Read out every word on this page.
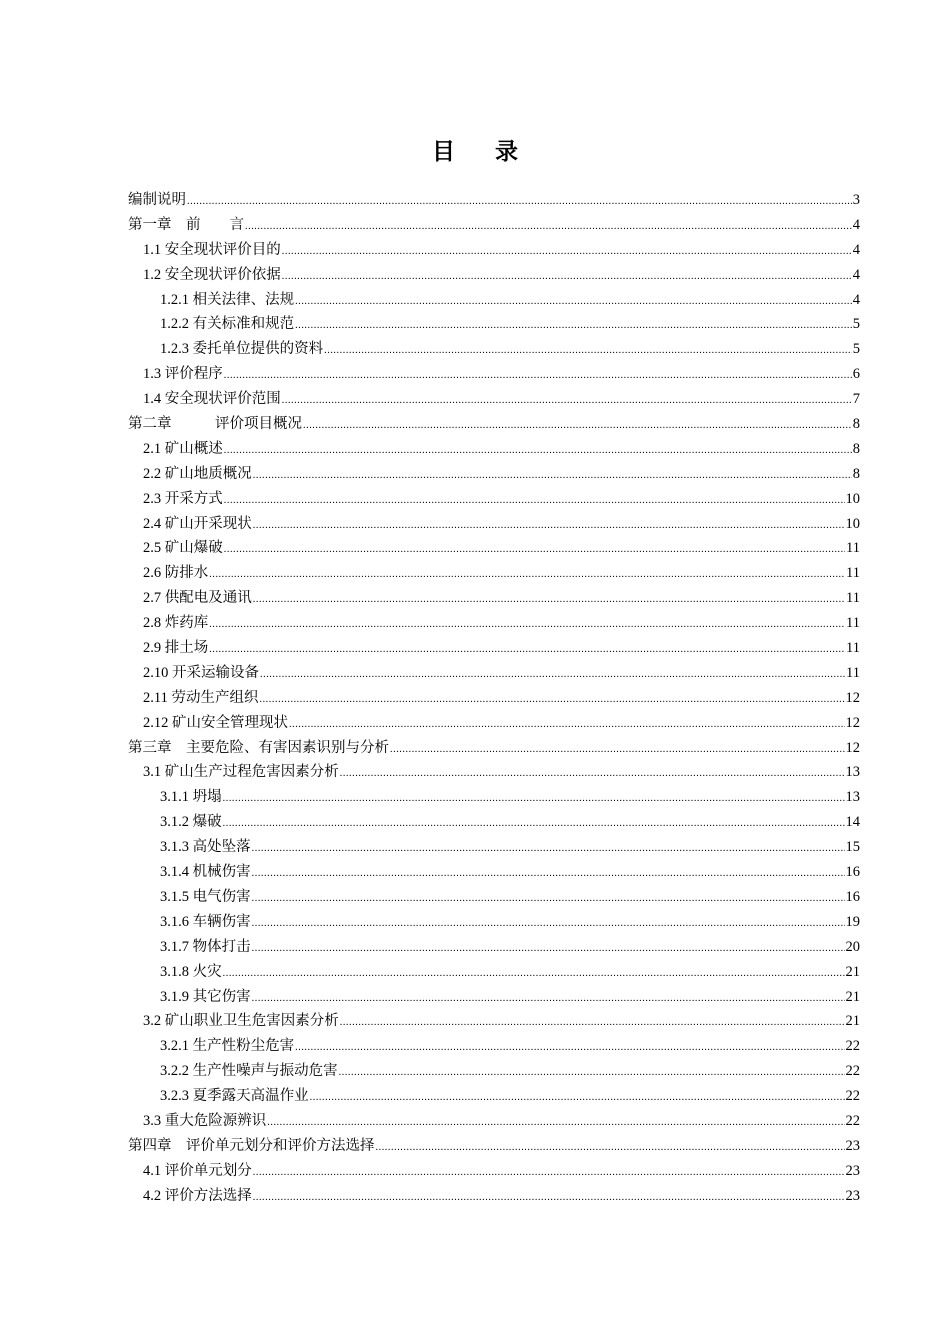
目 录
编制说明 .....	3
第一章　前　　言 .....	4
1.1 安全现状评价目的 .....	4
1.2 安全现状评价依据 .....	4
1.2.1 相关法律、法规 .....	4
1.2.2 有关标准和规范 .....	5
1.2.3 委托单位提供的资料 .....	5
1.3 评价程序 .....	6
1.4 安全现状评价范围 .....	7
第二章　　　评价项目概况 .....	8
2.1 矿山概述 .....	8
2.2 矿山地质概况 .....	8
2.3 开采方式 .....	10
2.4 矿山开采现状 .....	10
2.5 矿山爆破 .....	11
2.6 防排水 .....	11
2.7 供配电及通讯 .....	11
2.8 炸药库 .....	11
2.9 排土场 .....	11
2.10 开采运输设备 .....	11
2.11 劳动生产组织 .....	12
2.12 矿山安全管理现状 .....	12
第三章　主要危险、有害因素识别与分析 .....	12
3.1 矿山生产过程危害因素分析 .....	13
3.1.1 坍塌 .....	13
3.1.2 爆破 .....	14
3.1.3 高处坠落 .....	15
3.1.4 机械伤害 .....	16
3.1.5 电气伤害 .....	16
3.1.6 车辆伤害 .....	19
3.1.7 物体打击 .....	20
3.1.8 火灾 .....	21
3.1.9 其它伤害 .....	21
3.2 矿山职业卫生危害因素分析 .....	21
3.2.1 生产性粉尘危害 .....	22
3.2.2 生产性噪声与振动危害 .....	22
3.2.3 夏季露天高温作业 .....	22
3.3 重大危险源辨识 .....	22
第四章　评价单元划分和评价方法选择 .....	23
4.1 评价单元划分 .....	23
4.2 评价方法选择 .....	23
